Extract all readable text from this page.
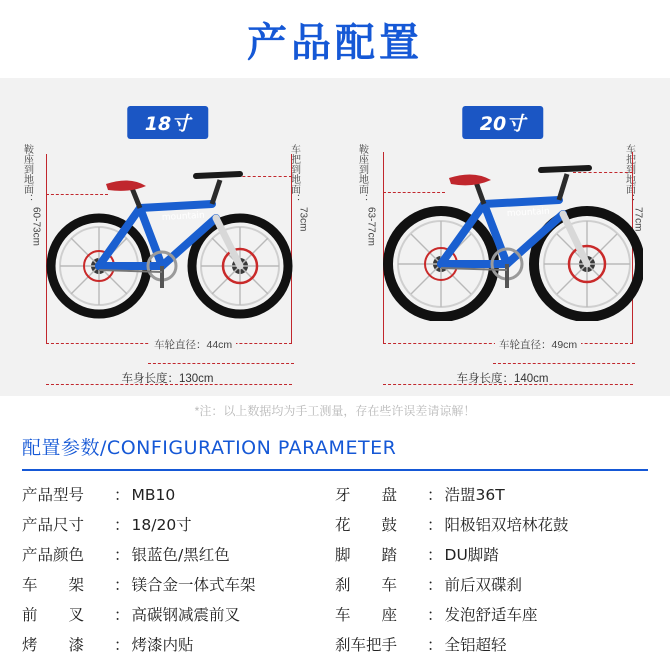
产品配置
18寸
鞍座到地面：
60-73cm
车把到地面：
73cm
mountain
车轮直径：44cm
车身长度：130cm
20寸
鞍座到地面：
63-77cm
车把到地面：
77cm
mountain
车轮直径：49cm
车身长度：140cm
*注：以上数据均为手工测量，存在些许误差请谅解！
配置参数/CONFIGURATION PARAMETER
产品型号	： MB10
产品尺寸	： 18/20寸
产品颜色	： 银蓝色/黑红色
车　　架	： 镁合金一体式车架
前　　叉	： 高碳钢减震前叉
烤　　漆	： 烤漆内贴
牙　　盘	： 浩盟36T
花　　鼓	： 阳极铝双培林花鼓
脚　　踏	： DU脚踏
刹　　车	： 前后双碟刹
车　　座	： 发泡舒适车座
刹车把手	： 全铝超轻
